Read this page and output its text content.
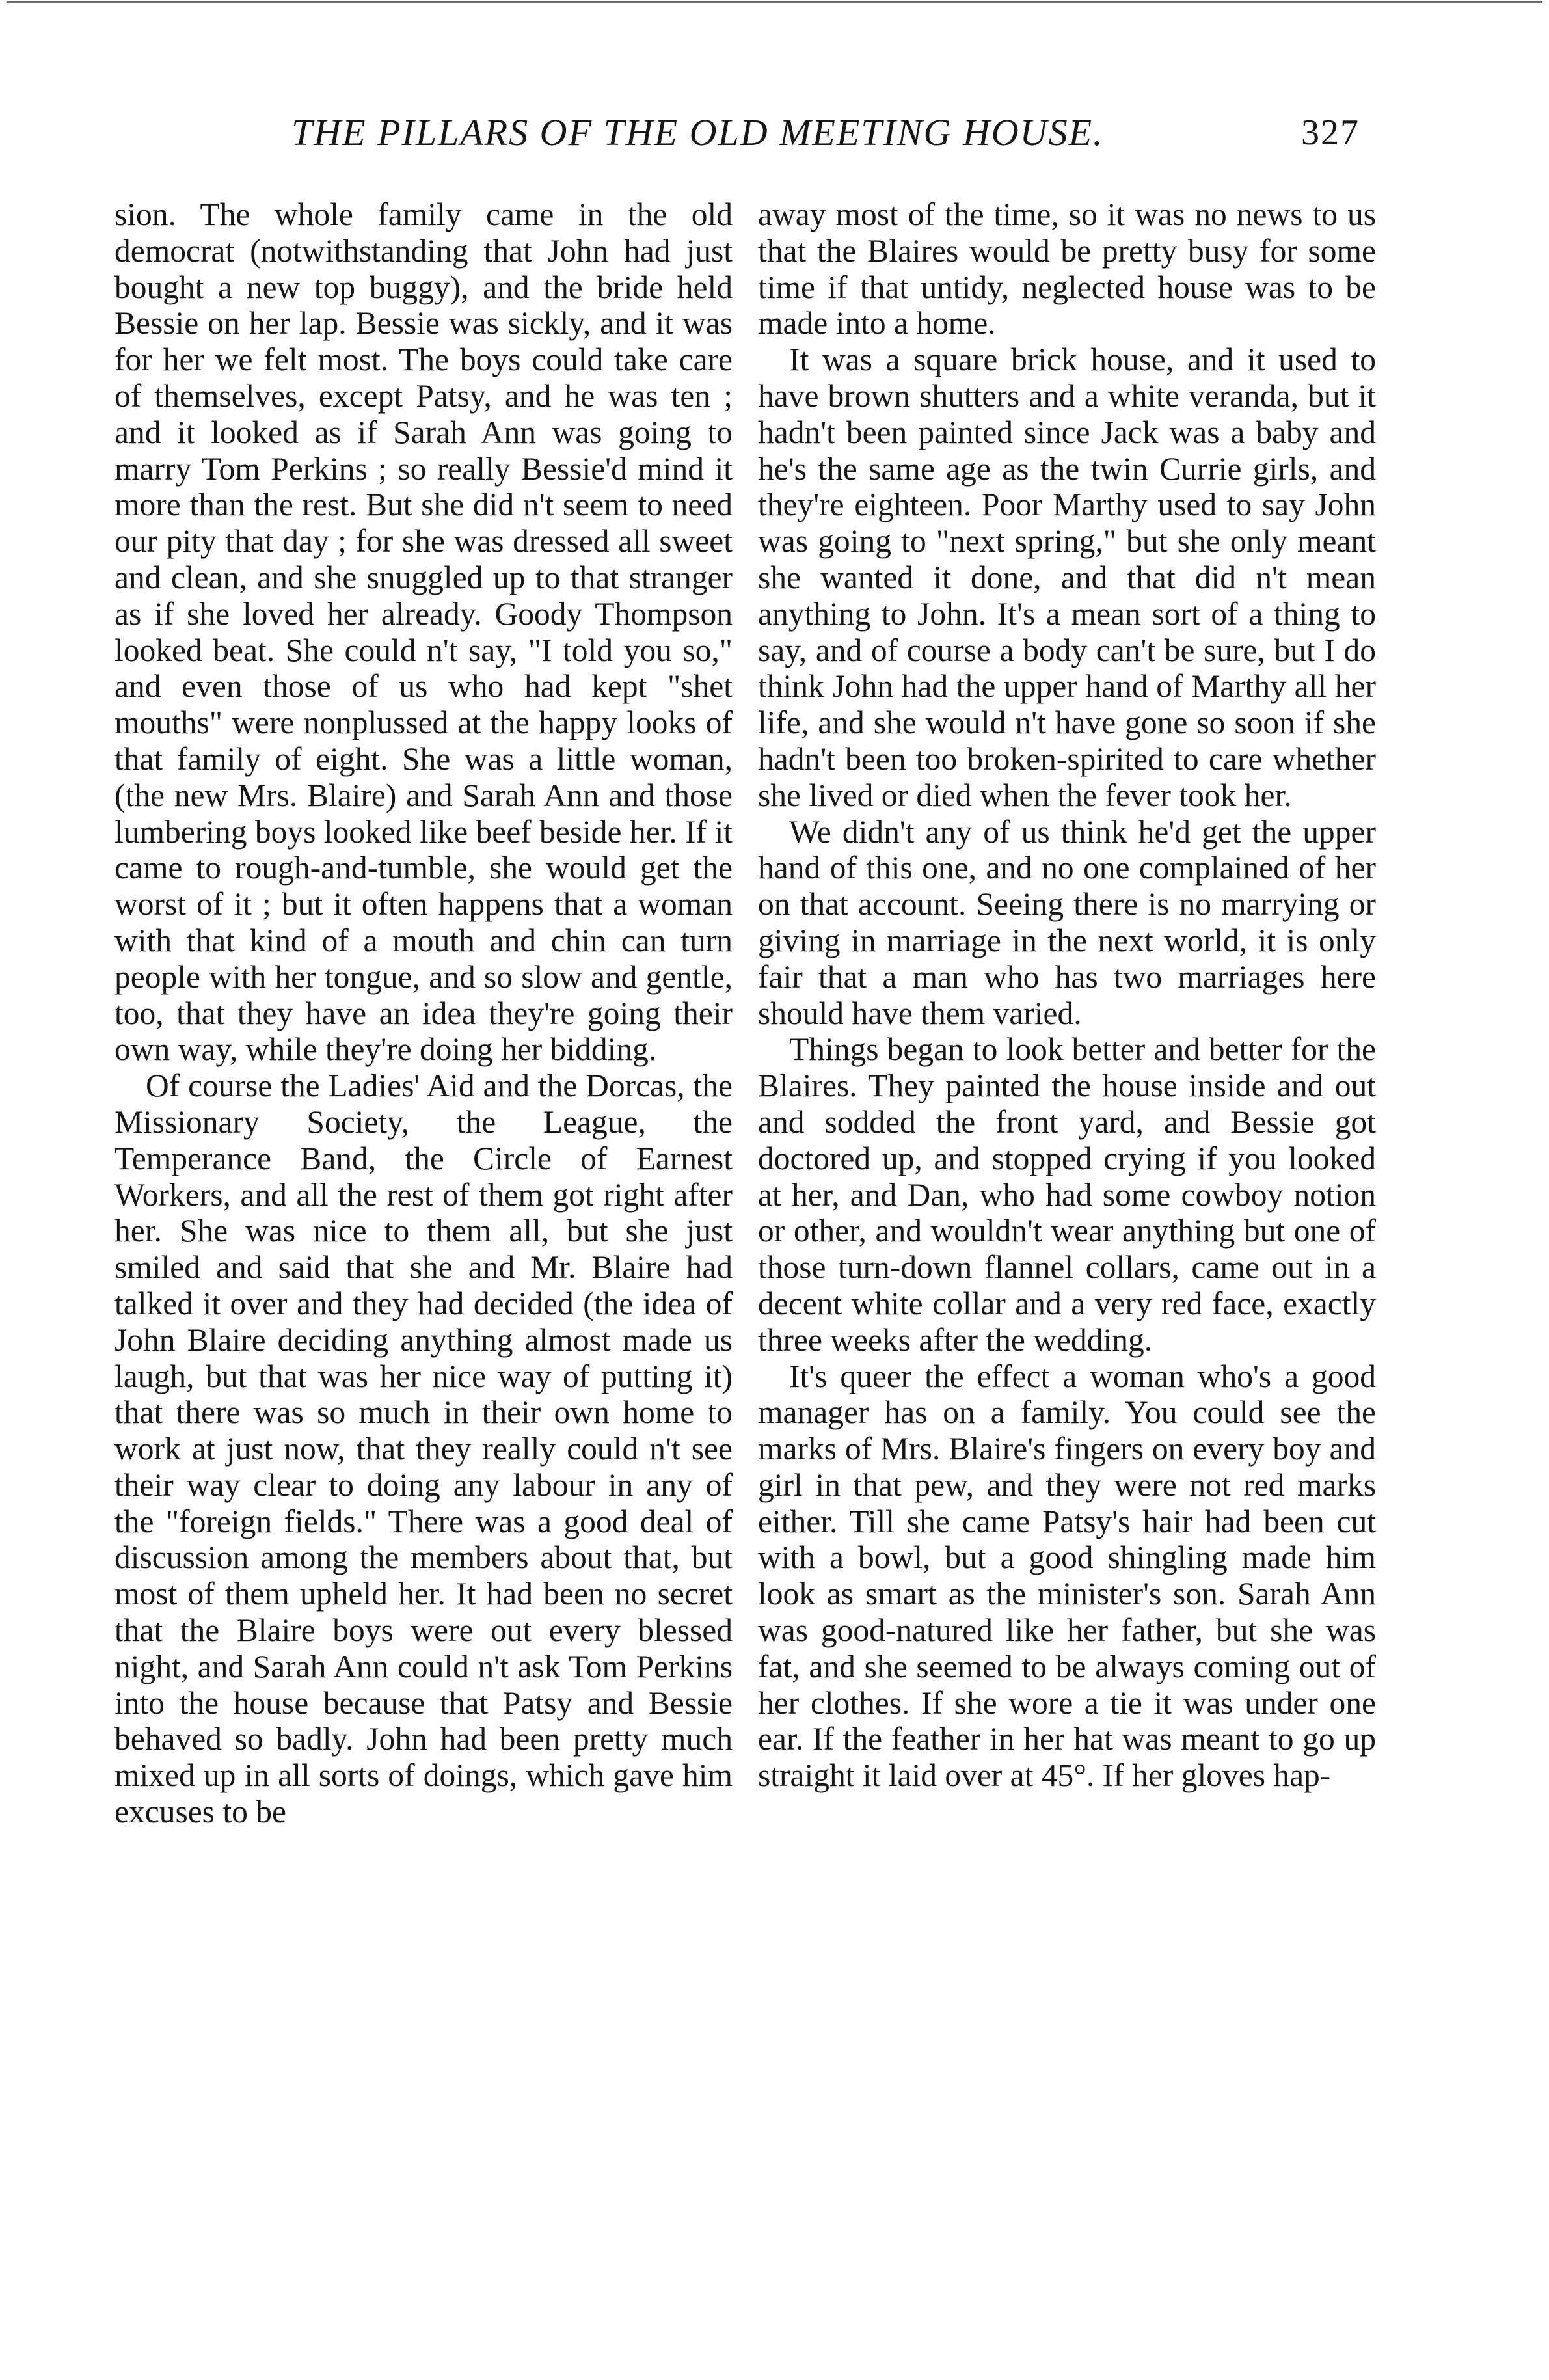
THE PILLARS OF THE OLD MEETING HOUSE.	327

sion. The whole family came in the old democrat (notwithstanding that John had just bought a new top buggy), and the bride held Bessie on her lap. Bessie was sickly, and it was for her we felt most. The boys could take care of themselves, except Patsy, and he was ten ; and it looked as if Sarah Ann was going to marry Tom Perkins ; so really Bessie'd mind it more than the rest. But she did n't seem to need our pity that day ; for she was dressed all sweet and clean, and she snuggled up to that stranger as if she loved her already. Goody Thompson looked beat. She could n't say, "I told you so," and even those of us who had kept "shet mouths" were nonplussed at the happy looks of that family of eight. She was a little woman, (the new Mrs. Blaire) and Sarah Ann and those lumbering boys looked like beef beside her. If it came to rough-and-tumble, she would get the worst of it ; but it often happens that a woman with that kind of a mouth and chin can turn people with her tongue, and so slow and gentle, too, that they have an idea they're going their own way, while they're doing her bidding.

Of course the Ladies' Aid and the Dorcas, the Missionary Society, the League, the Temperance Band, the Circle of Earnest Workers, and all the rest of them got right after her. She was nice to them all, but she just smiled and said that she and Mr. Blaire had talked it over and they had decided (the idea of John Blaire deciding anything almost made us laugh, but that was her nice way of putting it) that there was so much in their own home to work at just now, that they really could n't see their way clear to doing any labour in any of the "foreign fields." There was a good deal of discussion among the members about that, but most of them upheld her. It had been no secret that the Blaire boys were out every blessed night, and Sarah Ann could n't ask Tom Perkins into the house because that Patsy and Bessie behaved so badly. John had been pretty much mixed up in all sorts of doings, which gave him excuses to be

away most of the time, so it was no news to us that the Blaires would be pretty busy for some time if that untidy, neglected house was to be made into a home.

It was a square brick house, and it used to have brown shutters and a white veranda, but it hadn't been painted since Jack was a baby and he's the same age as the twin Currie girls, and they're eighteen. Poor Marthy used to say John was going to "next spring," but she only meant she wanted it done, and that did n't mean anything to John. It's a mean sort of a thing to say, and of course a body can't be sure, but I do think John had the upper hand of Marthy all her life, and she would n't have gone so soon if she hadn't been too broken-spirited to care whether she lived or died when the fever took her.

We didn't any of us think he'd get the upper hand of this one, and no one complained of her on that account. Seeing there is no marrying or giving in marriage in the next world, it is only fair that a man who has two marriages here should have them varied.

Things began to look better and better for the Blaires. They painted the house inside and out and sodded the front yard, and Bessie got doctored up, and stopped crying if you looked at her, and Dan, who had some cowboy notion or other, and wouldn't wear anything but one of those turn-down flannel collars, came out in a decent white collar and a very red face, exactly three weeks after the wedding.

It's queer the effect a woman who's a good manager has on a family. You could see the marks of Mrs. Blaire's fingers on every boy and girl in that pew, and they were not red marks either. Till she came Patsy's hair had been cut with a bowl, but a good shingling made him look as smart as the minister's son. Sarah Ann was good-natured like her father, but she was fat, and she seemed to be always coming out of her clothes. If she wore a tie it was under one ear. If the feather in her hat was meant to go up straight it laid over at 45°. If her gloves hap-
